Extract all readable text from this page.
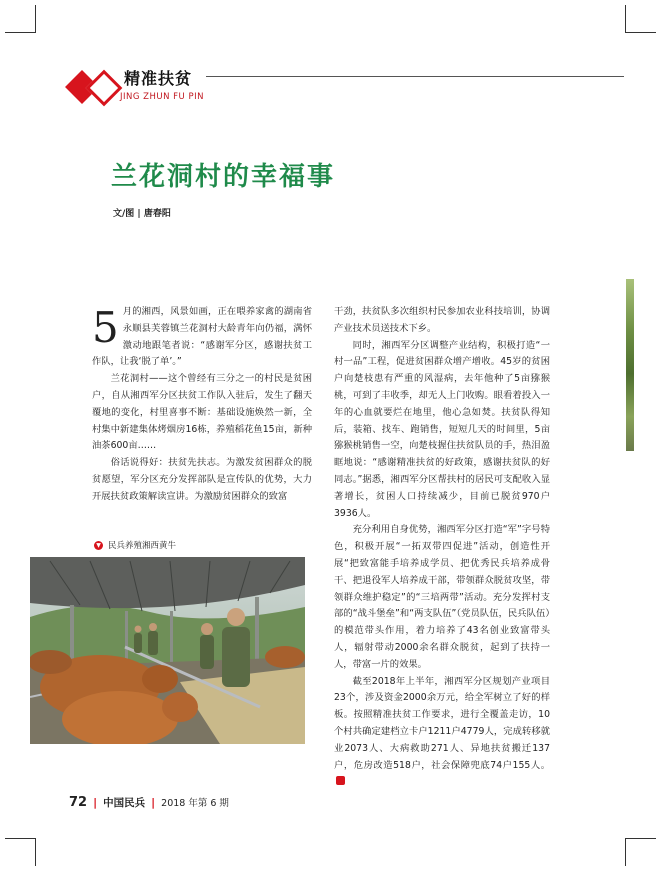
精准扶贫
JING ZHUN FU PIN
兰花洞村的幸福事
文/图 | 唐春阳

5 月的湘西，风景如画，正在喂养家禽的湖南省永顺县芙蓉镇兰花洞村大龄青年向仍福，满怀激动地跟笔者说：“感谢军分区，感谢扶贫工作队，让我‘脱了单’。”

兰花洞村——这个曾经有三分之一的村民是贫困户，自从湘西军分区扶贫工作队入驻后，发生了翻天覆地的变化，村里喜事不断：基础设施焕然一新，全村集中新建集体烤烟房16栋，养殖稻花鱼15亩，新种油茶600亩……

俗话说得好：扶贫先扶志。为激发贫困群众的脱贫愿望，军分区充分发挥部队是宣传队的优势，大力开展扶贫政策解读宣讲。为激励贫困群众的致富

干劲，扶贫队多次组织村民参加农业科技培训，协调产业技术员送技术下乡。

同时，湘西军分区调整产业结构，积极打造“一村一品”工程，促进贫困群众增产增收。45岁的贫困户向楚枝患有严重的风湿病，去年他种了5亩猕猴桃，可到了丰收季，却无人上门收购。眼看着投入一年的心血就要烂在地里，他心急如焚。扶贫队得知后，装箱、找车、跑销售，短短几天的时间里，5亩猕猴桃销售一空，向楚枝握住扶贫队员的手，热泪盈眶地说：“感谢精准扶贫的好政策，感谢扶贫队的好同志。”据悉，湘西军分区帮扶村的居民可支配收入显著增长，贫困人口持续减少，目前已脱贫970户3936人。

充分利用自身优势，湘西军分区打造“军”字号特色，积极开展“一拓双带四促进”活动，创造性开展“把致富能手培养成学员、把优秀民兵培养成骨干、把退役军人培养成干部，带领群众脱贫攻坚，带领群众维护稳定”的“三培两带”活动。充分发挥村支部的“战斗堡垒”和“两支队伍”（党员队伍，民兵队伍）的模范带头作用，着力培养了43名创业致富带头人，辐射带动2000余名群众脱贫，起到了扶持一人，带富一片的效果。

截至2018年上半年，湘西军分区规划产业项目23个，涉及资金2000余万元，给全军树立了好的样板。按照精准扶贫工作要求，进行全覆盖走访，10个村共确定建档立卡户1211户4779人，完成转移就业2073人、大病救助271人、异地扶贫搬迁137户，危房改造518户，社会保障兜底74户155人。

▼ 民兵养殖湘西黄牛
72 | 中国民兵 | 2018 年第 6 期
